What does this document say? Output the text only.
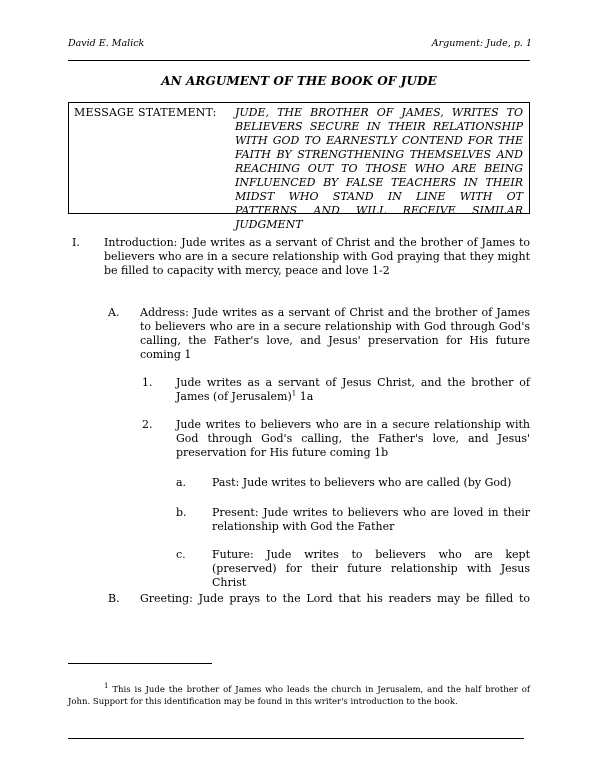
David E. Malick	Argument: Jude, p. 1
AN ARGUMENT OF THE BOOK OF JUDE
MESSAGE STATEMENT: JUDE, THE BROTHER OF JAMES, WRITES TO BELIEVERS SECURE IN THEIR RELATIONSHIP WITH GOD TO EARNESTLY CONTEND FOR THE FAITH BY STRENGTHENING THEMSELVES AND REACHING OUT TO THOSE WHO ARE BEING INFLUENCED BY FALSE TEACHERS IN THEIR MIDST WHO STAND IN LINE WITH OT PATTERNS AND WILL RECEIVE SIMILAR JUDGMENT
I. Introduction: Jude writes as a servant of Christ and the brother of James to believers who are in a secure relationship with God praying that they might be filled to capacity with mercy, peace and love 1-2
A. Address: Jude writes as a servant of Christ and the brother of James to believers who are in a secure relationship with God through God's calling, the Father's love, and Jesus' preservation for His future coming 1
1. Jude writes as a servant of Jesus Christ, and the brother of James (of Jerusalem)$^1$ 1a
2. Jude writes to believers who are in a secure relationship with God through God's calling, the Father's love, and Jesus' preservation for His future coming 1b
a. Past: Jude writes to believers who are called (by God)
b. Present: Jude writes to believers who are loved in their relationship with God the Father
c. Future: Jude writes to believers who are kept (preserved) for their future relationship with Jesus Christ
B. Greeting: Jude prays to the Lord that his readers may be filled to
$^1$ This is Jude the brother of James who leads the church in Jerusalem, and the half brother of John. Support for this identification may be found in this writer's introduction to the book.
